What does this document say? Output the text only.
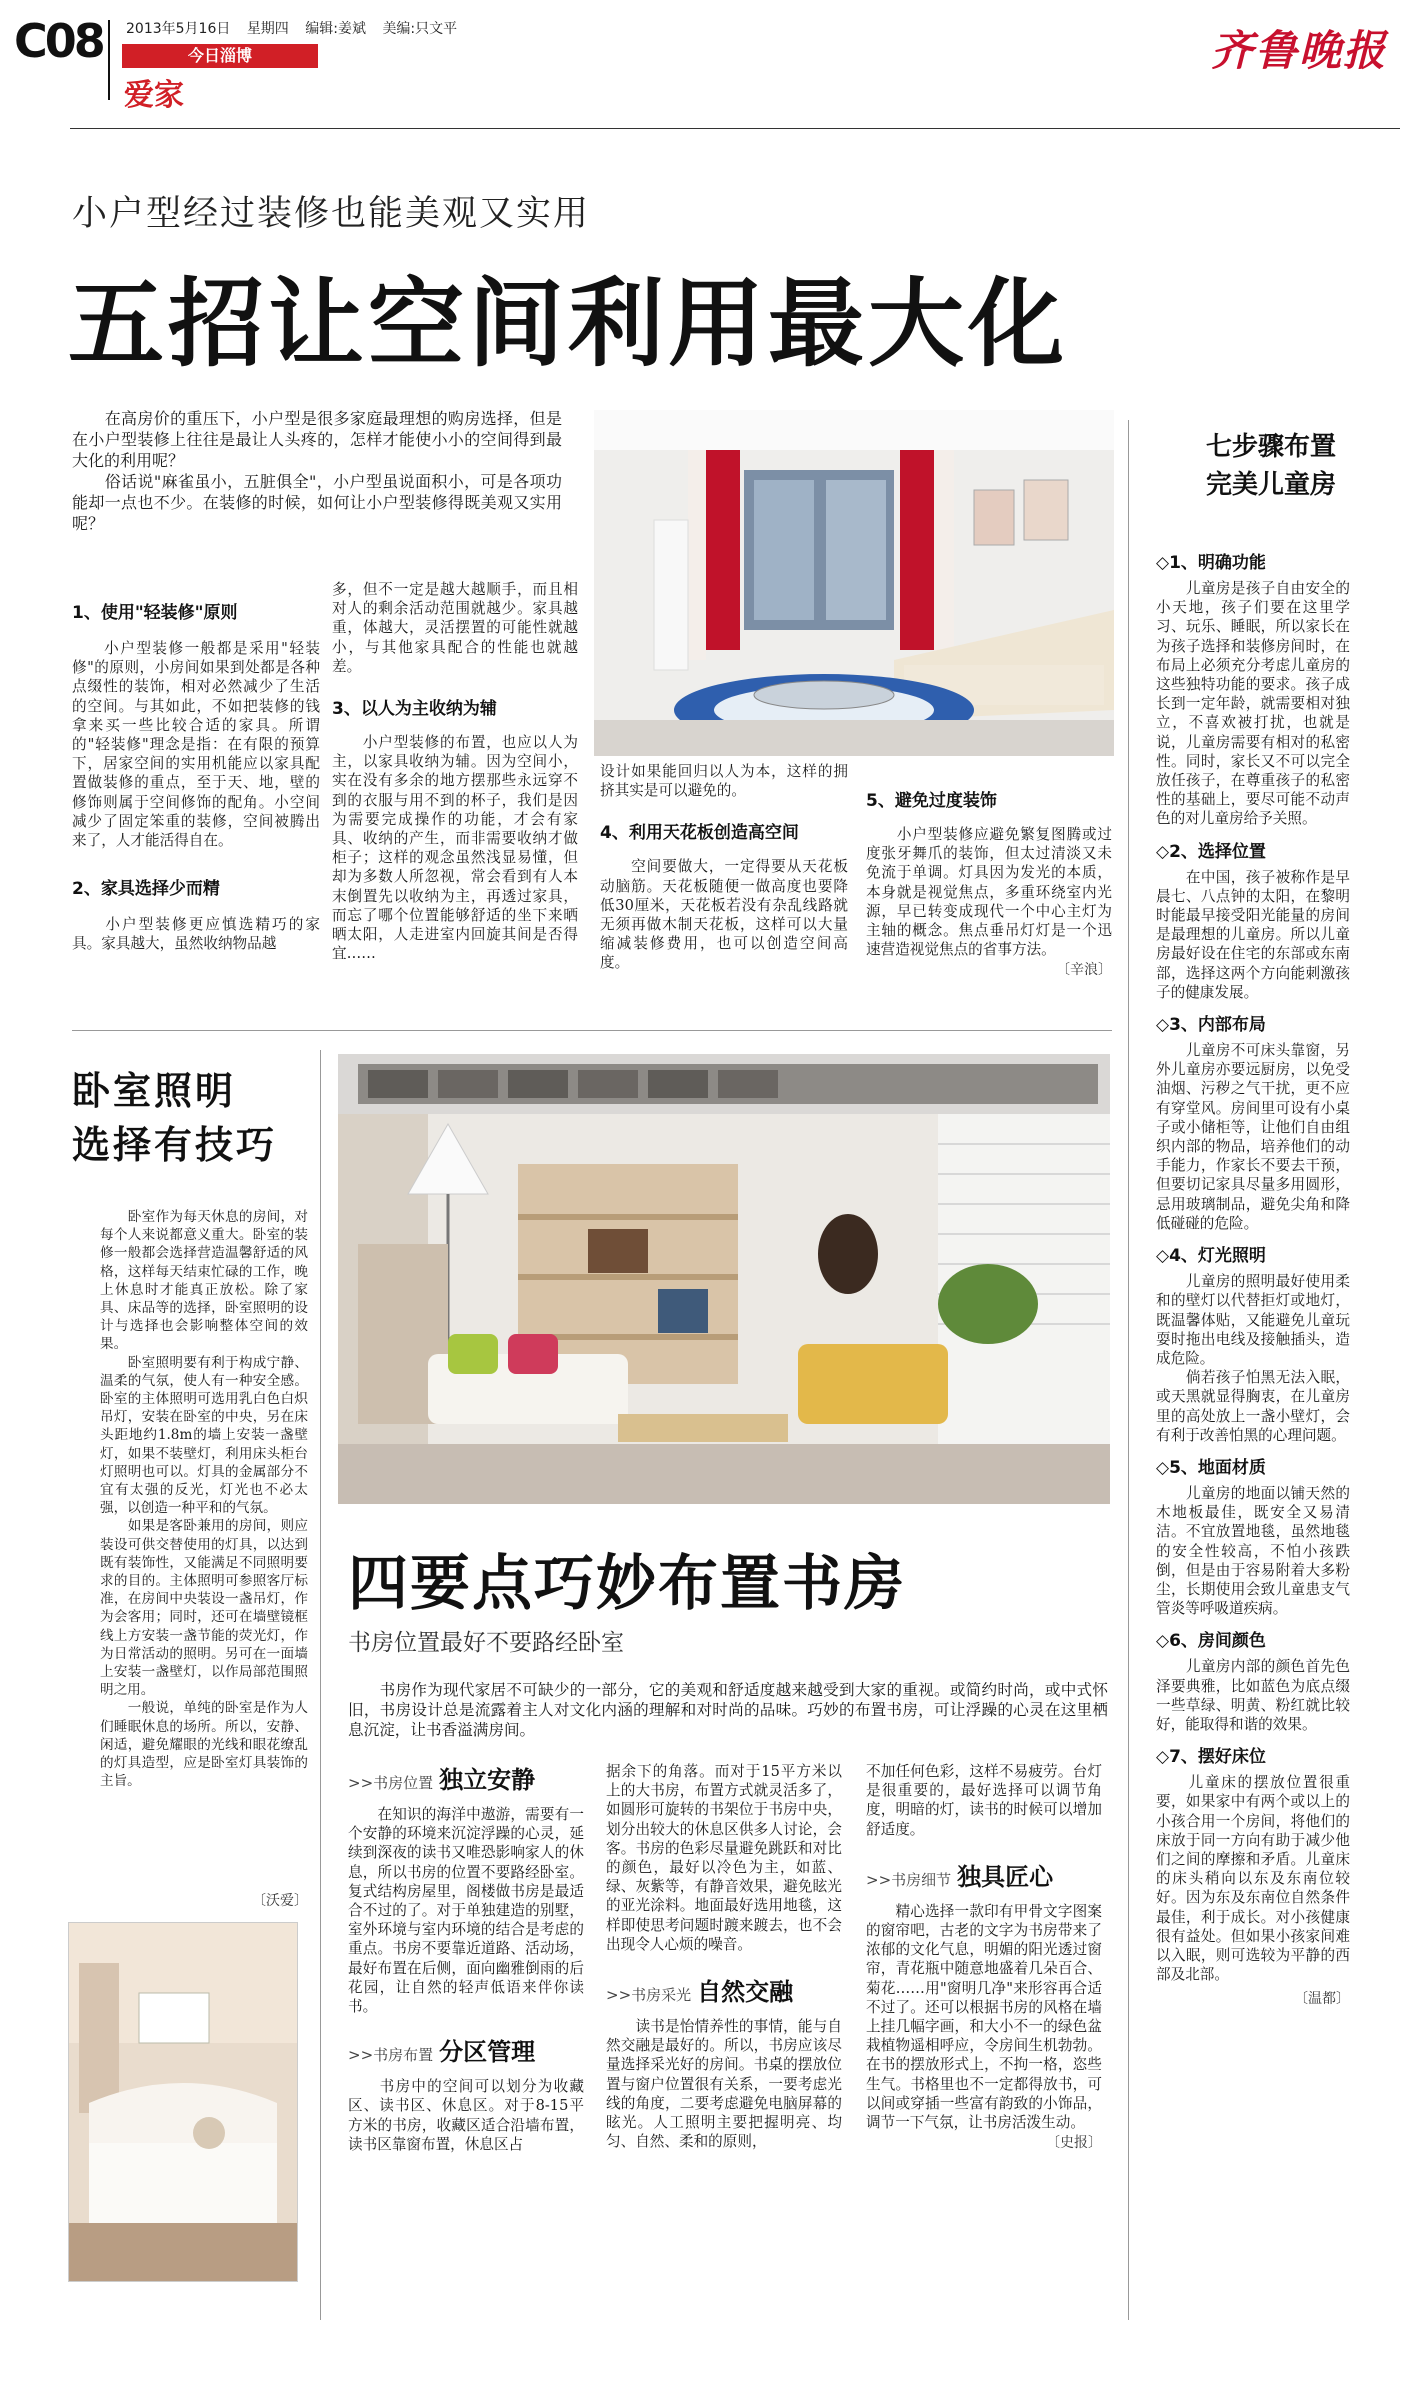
C08 2013年5月16日 星期四 编辑:姜斌 美编:只文平
今日淄博
爱家
齐鲁晚报
小户型经过装修也能美观又实用
五招让空间利用最大化

　　在高房价的重压下，小户型是很多家庭最理想的购房选择，但是在小户型装修上往往是最让人头疼的，怎样才能使小小的空间得到最大化的利用呢？
　　俗话说"麻雀虽小，五脏俱全"，小户型虽说面积小，可是各项功能却一点也不少。在装修的时候，如何让小户型装修得既美观又实用呢？

1、使用"轻装修"原则

　　小户型装修一般都是采用"轻装修"的原则，小房间如果到处都是各种点缀性的装饰，相对必然减少了生活的空间。与其如此，不如把装修的钱拿来买一些比较合适的家具。所谓的"轻装修"理念是指：在有限的预算下，居家空间的实用机能应以家具配置做装修的重点，至于天、地，壁的修饰则属于空间修饰的配角。小空间减少了固定笨重的装修，空间被腾出来了，人才能活得自在。

2、家具选择少而精

　　小户型装修更应慎选精巧的家具。家具越大，虽然收纳物品越

多，但不一定是越大越顺手，而且相对人的剩余活动范围就越少。家具越重，体越大，灵活摆置的可能性就越小，与其他家具配合的性能也就越差。

3、以人为主收纳为辅

　　小户型装修的布置，也应以人为主，以家具收纳为辅。因为空间小，实在没有多余的地方摆那些永远穿不到的衣服与用不到的杯子，我们是因为需要完成操作的功能，才会有家具、收纳的产生，而非需要收纳才做柜子；这样的观念虽然浅显易懂，但却为多数人所忽视，常会看到有人本末倒置先以收纳为主，再透过家具，而忘了哪个位置能够舒适的坐下来晒晒太阳，人走进室内回旋其间是否得宜……

设计如果能回归以人为本，这样的拥挤其实是可以避免的。

4、利用天花板创造高空间

　　空间要做大，一定得要从天花板动脑筋。天花板随便一做高度也要降低30厘米，天花板若没有杂乱线路就无须再做木制天花板，这样可以大量缩减装修费用，也可以创造空间高度。

5、避免过度装饰

　　小户型装修应避免繁复图腾或过度张牙舞爪的装饰，但太过清淡又未免流于单调。灯具因为发光的本质，本身就是视觉焦点，多重环绕室内光源，早已转变成现代一个中心主灯为主轴的概念。焦点垂吊灯灯是一个迅速营造视觉焦点的省事方法。

〔辛浪〕
七步骤布置
完美儿童房
◇1、明确功能

　　儿童房是孩子自由安全的小天地，孩子们要在这里学习、玩乐、睡眠，所以家长在为孩子选择和装修房间时，在布局上必须充分考虑儿童房的这些独特功能的要求。孩子成长到一定年龄，就需要相对独立，不喜欢被打扰，也就是说，儿童房需要有相对的私密性。同时，家长又不可以完全放任孩子，在尊重孩子的私密性的基础上，要尽可能不动声色的对儿童房给予关照。

◇2、选择位置

　　在中国，孩子被称作是早晨七、八点钟的太阳，在黎明时能最早接受阳光能量的房间是最理想的儿童房。所以儿童房最好设在住宅的东部或东南部，选择这两个方向能刺激孩子的健康发展。

◇3、内部布局

　　儿童房不可床头靠窗，另外儿童房亦要远厨房，以免受油烟、污秽之气干扰，更不应有穿堂风。房间里可设有小桌子或小储柜等，让他们自由组织内部的物品，培养他们的动手能力，作家长不要去干预，但要切记家具尽量多用圆形，忌用玻璃制品，避免尖角和降低碰碰的危险。

◇4、灯光照明

　　儿童房的照明最好使用柔和的壁灯以代替拒灯或地灯，既温馨体贴，又能避免儿童玩耍时拖出电线及接触插头，造成危险。
　　倘若孩子怕黑无法入眠，或天黑就显得胸衷，在儿童房里的高处放上一盏小壁灯，会有利于改善怕黑的心理问题。

◇5、地面材质

　　儿童房的地面以铺天然的木地板最佳，既安全又易清洁。不宜放置地毯，虽然地毯的安全性较高，不怕小孩跌倒，但是由于容易附着大多粉尘，长期使用会致儿童患支气管炎等呼吸道疾病。

◇6、房间颜色

　　儿童房内部的颜色首先色泽要典雅，比如蓝色为底点缀一些草绿、明黄、粉红就比较好，能取得和谐的效果。

◇7、摆好床位

　　儿童床的摆放位置很重要，如果家中有两个或以上的小孩合用一个房间，将他们的床放于同一方向有助于减少他们之间的摩擦和矛盾。儿童床的床头稍向以东及东南位较好。因为东及东南位自然条件最佳，利于成长。对小孩健康很有益处。但如果小孩家间难以入眠，则可选较为平静的西部及北部。

〔温都〕
卧室照明
选择有技巧

　　卧室作为每天休息的房间，对每个人来说都意义重大。卧室的装修一般都会选择营造温馨舒适的风格，这样每天结束忙碌的工作，晚上休息时才能真正放松。除了家具、床品等的选择，卧室照明的设计与选择也会影响整体空间的效果。
　　卧室照明要有利于构成宁静、温柔的气氛，使人有一种安全感。卧室的主体照明可选用乳白色白炽吊灯，安装在卧室的中央，另在床头距地约1.8m的墙上安装一盏壁灯，如果不装壁灯，利用床头柜台灯照明也可以。灯具的金属部分不宜有太强的反光，灯光也不必太强，以创造一种平和的气氛。
　　如果是客卧兼用的房间，则应装设可供交替使用的灯具，以达到既有装饰性，又能满足不同照明要求的目的。主体照明可参照客厅标准，在房间中央装设一盏吊灯，作为会客用；同时，还可在墙壁镜框线上方安装一盏节能的荧光灯，作为日常活动的照明。另可在一面墙上安装一盏壁灯，以作局部范围照明之用。
　　一般说，单纯的卧室是作为人们睡眠休息的场所。所以，安静、闲适，避免耀眼的光线和眼花缭乱的灯具造型，应是卧室灯具装饰的主旨。

〔沃爱〕
四要点巧妙布置书房
书房位置最好不要路经卧室

　　书房作为现代家居不可缺少的一部分，它的美观和舒适度越来越受到大家的重视。或简约时尚，或中式怀旧，书房设计总是流露着主人对文化内涵的理解和对时尚的品味。巧妙的布置书房，可让浮躁的心灵在这里栖息沉淀，让书香溢满房间。

>>书房位置 独立安静

　　在知识的海洋中遨游，需要有一个安静的环境来沉淀浮躁的心灵，延续到深夜的读书又唯恐影响家人的休息，所以书房的位置不要路经卧室。复式结构房屋里，阁楼做书房是最适合不过的了。对于单独建造的别墅，室外环境与室内环境的结合是考虑的重点。书房不要靠近道路、活动场，最好布置在后侧，面向幽雅倒雨的后花园，让自然的轻声低语来伴你读书。

>>书房布置 分区管理

　　书房中的空间可以划分为收藏区、读书区、休息区。对于8-15平方米的书房，收藏区适合沿墙布置，读书区靠窗布置，休息区占

据余下的角落。而对于15平方米以上的大书房，布置方式就灵活多了，如圆形可旋转的书架位于书房中央，划分出较大的休息区供多人讨论，会客。书房的色彩尽量避免跳跃和对比的颜色，最好以冷色为主，如蓝、绿、灰紫等，有静音效果，避免眩光的亚光涂料。地面最好选用地毯，这样即使思考问题时踱来踱去，也不会出现令人心烦的噪音。

>>书房采光 自然交融

　　读书是怡情养性的事情，能与自然交融是最好的。所以，书房应该尽量选择采光好的房间。书桌的摆放位置与窗户位置很有关系，一要考虑光线的角度，二要考虑避免电脑屏幕的眩光。人工照明主要把握明亮、均匀、自然、柔和的原则，

不加任何色彩，这样不易疲劳。台灯是很重要的，最好选择可以调节角度，明暗的灯，读书的时候可以增加舒适度。

>>书房细节 独具匠心

　　精心选择一款印有甲骨文字图案的窗帘吧，古老的文字为书房带来了浓郁的文化气息，明媚的阳光透过窗帘，青花瓶中随意地盛着几朵百合、菊花……用"窗明几净"来形容再合适不过了。还可以根据书房的风格在墙上挂几幅字画，和大小不一的绿色盆栽植物遥相呼应，令房间生机勃勃。在书的摆放形式上，不拘一格，恣些生气。书格里也不一定都得放书，可以间或穿插一些富有韵致的小饰品，调节一下气氛，让书房活泼生动。

〔史报〕
